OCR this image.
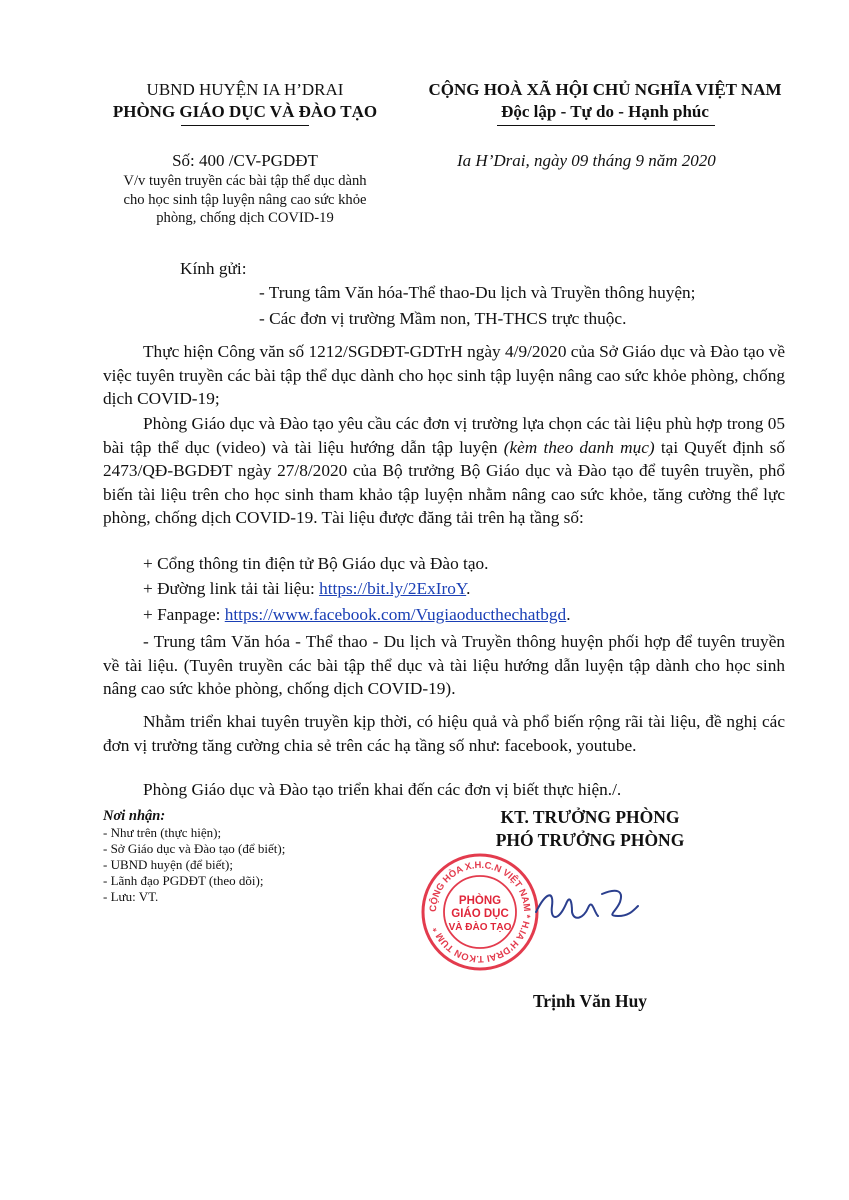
UBND HUYỆN IA H’DRAI
PHÒNG GIÁO DỤC VÀ ĐÀO TẠO
CỘNG HOÀ XÃ HỘI CHỦ NGHĨA VIỆT NAM
Độc lập - Tự do - Hạnh phúc
Số: 400 /CV-PGDĐT
V/v tuyên truyền các bài tập thể dục dành
cho học sinh tập luyện nâng cao sức khỏe
phòng, chống dịch COVID-19
Ia H’Drai, ngày 09 tháng 9 năm 2020
Kính gửi:
- Trung tâm Văn hóa-Thể thao-Du lịch và Truyền thông huyện;
- Các đơn vị trường Mầm non, TH-THCS trực thuộc.
Thực hiện Công văn số 1212/SGDĐT-GDTrH ngày 4/9/2020 của Sở Giáo dục và Đào tạo về việc tuyên truyền các bài tập thể dục dành cho học sinh tập luyện nâng cao sức khỏe phòng, chống dịch COVID-19;
Phòng Giáo dục và Đào tạo yêu cầu các đơn vị trường lựa chọn các tài liệu phù hợp trong 05 bài tập thể dục (video) và tài liệu hướng dẫn tập luyện (kèm theo danh mục) tại Quyết định số 2473/QĐ-BGDĐT ngày 27/8/2020 của Bộ trưởng Bộ Giáo dục và Đào tạo để tuyên truyền, phổ biến tài liệu trên cho học sinh tham khảo tập luyện nhằm nâng cao sức khỏe, tăng cường thể lực phòng, chống dịch COVID-19. Tài liệu được đăng tải trên hạ tầng số:
+ Cổng thông tin điện tử Bộ Giáo dục và Đào tạo.
+ Đường link tải tài liệu: https://bit.ly/2ExIroY.
+ Fanpage: https://www.facebook.com/Vugiaoducthechatbgd.
- Trung tâm Văn hóa - Thể thao - Du lịch và Truyền thông huyện phối hợp để tuyên truyền về tài liệu. (Tuyên truyền các bài tập thể dục và tài liệu hướng dẫn luyện tập dành cho học sinh nâng cao sức khỏe phòng, chống dịch COVID-19).
Nhằm triển khai tuyên truyền kịp thời, có hiệu quả và phổ biến rộng rãi tài liệu, đề nghị các đơn vị trường tăng cường chia sẻ trên các hạ tầng số như: facebook, youtube.
Phòng Giáo dục và Đào tạo triển khai đến các đơn vị biết thực hiện./.
Nơi nhận:
- Như trên (thực hiện);
- Sở Giáo dục và Đào tạo (để biết);
- UBND huyện (để biết);
- Lãnh đạo PGDĐT (theo dõi);
- Lưu: VT.
KT. TRƯỞNG PHÒNG
PHÓ TRƯỞNG PHÒNG
CỘNG HÒA X.H.C.N VIỆT NAM * H.IA H’DRAI T.KON TUM *
PHÒNG
GIÁO DỤC
VÀ ĐÀO TẠO
Trịnh Văn Huy
